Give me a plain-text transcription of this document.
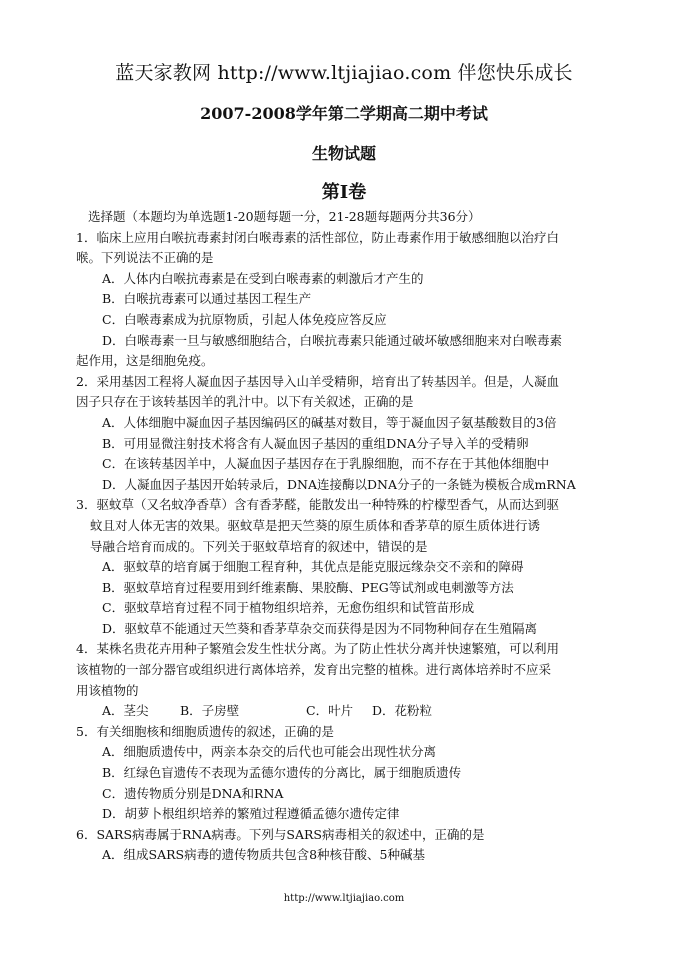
蓝天家教网 http://www.ltjiajiao.com 伴您快乐成长
2007-2008学年第二学期高二期中考试
生物试题
第Ⅰ卷
选择题（本题均为单选题1-20题每题一分，21-28题每题两分共36分）
1．临床上应用白喉抗毒素封闭白喉毒素的活性部位，防止毒素作用于敏感细胞以治疗白
喉。下列说法不正确的是
A．人体内白喉抗毒素是在受到白喉毒素的刺激后才产生的
B．白喉抗毒素可以通过基因工程生产
C．白喉毒素成为抗原物质，引起人体免疫应答反应
D．白喉毒素一旦与敏感细胞结合，白喉抗毒素只能通过破坏敏感细胞来对白喉毒素
起作用，这是细胞免疫。
2．采用基因工程将人凝血因子基因导入山羊受精卵，培育出了转基因羊。但是，人凝血
因子只存在于该转基因羊的乳汁中。以下有关叙述，正确的是
A．人体细胞中凝血因子基因编码区的碱基对数目，等于凝血因子氨基酸数目的3倍
B．可用显微注射技术将含有人凝血因子基因的重组DNA分子导入羊的受精卵
C．在该转基因羊中，人凝血因子基因存在于乳腺细胞，而不存在于其他体细胞中
D．人凝血因子基因开始转录后，DNA连接酶以DNA分子的一条链为模板合成mRNA
3．驱蚊草（又名蚊净香草）含有香茅醛，能散发出一种特殊的柠檬型香气，从而达到驱
蚊且对人体无害的效果。驱蚊草是把天竺葵的原生质体和香茅草的原生质体进行诱
导融合培育而成的。下列关于驱蚊草培育的叙述中，错误的是
A．驱蚊草的培育属于细胞工程育种，其优点是能克服远缘杂交不亲和的障碍
B．驱蚊草培育过程要用到纤维素酶、果胶酶、PEG等试剂或电刺激等方法
C．驱蚊草培育过程不同于植物组织培养，无愈伤组织和试管苗形成
D．驱蚊草不能通过天竺葵和香茅草杂交而获得是因为不同物种间存在生殖隔离
4．某株名贵花卉用种子繁殖会发生性状分离。为了防止性状分离并快速繁殖，可以利用
该植物的一部分器官或组织进行离体培养，发育出完整的植株。进行离体培养时不应采
用该植物的
A．茎尖	B．子房壁	C．叶片 D．花粉粒
5．有关细胞核和细胞质遗传的叙述，正确的是
A．细胞质遗传中，两亲本杂交的后代也可能会出现性状分离
B．红绿色盲遗传不表现为孟德尔遗传的分离比，属于细胞质遗传
C．遗传物质分别是DNA和RNA
D．胡萝卜根组织培养的繁殖过程遵循孟德尔遗传定律
6．SARS病毒属于RNA病毒。下列与SARS病毒相关的叙述中，正确的是
A．组成SARS病毒的遗传物质共包含8种核苷酸、5种碱基
http://www.ltjiajiao.com
